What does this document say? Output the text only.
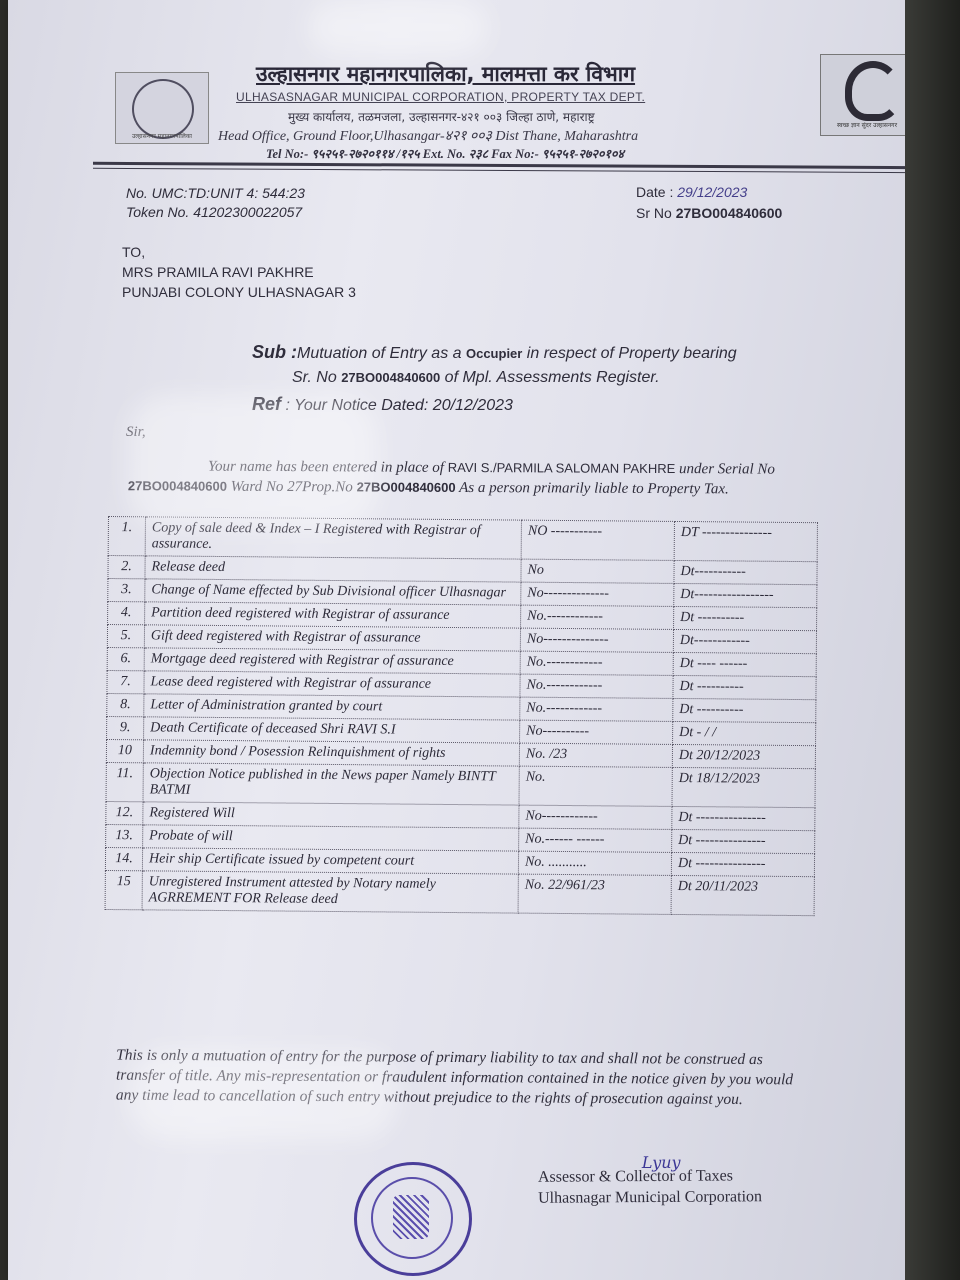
उल्हासनगर महानगरपालिका
स्वच्छ ज्ञान सुंदर उल्हासनगर
उल्हासनगर महानगरपालिका, मालमत्ता कर विभाग
ULHASASNAGAR MUNICIPAL CORPORATION, PROPERTY TAX DEPT.
मुख्य कार्यालय, तळमजला, उल्हासनगर-४२१ ००३ जिल्हा ठाणे, महाराष्ट्र
Head Office, Ground Floor,Ulhasangar-४२१ ००३ Dist Thane, Maharashtra
Tel No:- ९५२५१-२७२०११४ /१२५ Ext. No. २३८ Fax No:- ९५२५१-२७२०१०४
No. UMC:TD:UNIT 4: 544:23
Token No. 41202300022057
Date : 29/12/2023
Sr No 27BO004840600
TO,
MRS PRAMILA RAVI PAKHRE
PUNJABI COLONY ULHASNAGAR 3
Sub :Mutuation of Entry as a Occupier in respect of Property bearing
Sr. No 27BO004840600 of Mpl. Assessments Register.
Ref : Your Notice Dated: 20/12/2023
Sir,
Your name has been entered in place of RAVI S./PARMILA SALOMAN PAKHRE under Serial No 27BO004840600 Ward No 27Prop.No 27BO004840600 As a person primarily liable to Property Tax.
1.	Copy of sale deed & Index – I Registered with Registrar of assurance.	NO -----------	DT ---------------
2.	Release deed	No	Dt-----------
3.	Change of Name effected by Sub Divisional officer Ulhasnagar	No--------------	Dt-----------------
4.	Partition deed registered with Registrar of assurance	No.------------	Dt ----------
5.	Gift deed registered with Registrar of assurance	No--------------	Dt------------
6.	Mortgage deed registered with Registrar of assurance	No.------------	Dt ---- ------
7.	Lease deed registered with Registrar of assurance	No.------------	Dt ----------
8.	Letter of Administration granted by court	No.------------	Dt ----------
9.	Death Certificate of deceased Shri RAVI S.I	No----------	Dt - / /
10	Indemnity bond / Posession Relinquishment of rights	No. /23	Dt 20/12/2023
11.	Objection Notice published in the News paper Namely BINTT BATMI	No.	Dt 18/12/2023
12.	Registered Will	No------------	Dt ---------------
13.	Probate of will	No.------ ------	Dt ---------------
14.	Heir ship Certificate issued by competent court	No. ...........	Dt ---------------
15	Unregistered Instrument attested by Notary namely AGRREMENT FOR Release deed	No. 22/961/23	Dt 20/11/2023
This is only a mutuation of entry for the purpose of primary liability to tax and shall not be construed as transfer of title. Any mis-representation or fraudulent information contained in the notice given by you would any time lead to cancellation of such entry without prejudice to the rights of prosecution against you.
Lyuy
Assessor & Collector of Taxes
Ulhasnagar Municipal Corporation
